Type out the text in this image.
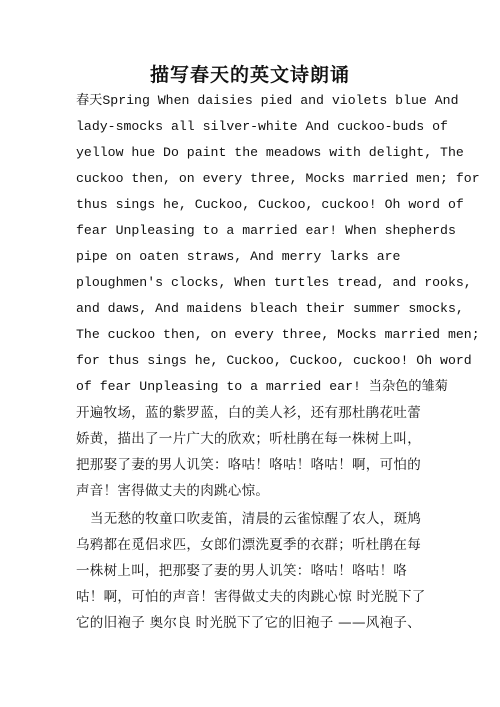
描写春天的英文诗朗诵
春天Spring When daisies pied and violets blue And
lady-smocks all silver-white And cuckoo-buds of
yellow hue Do paint the meadows with delight, The
cuckoo then, on every three, Mocks married men; for
thus sings he, Cuckoo, Cuckoo, cuckoo! Oh word of
fear Unpleasing to a married ear! When shepherds
pipe on oaten straws, And merry larks are
ploughmen's clocks, When turtles tread, and rooks,
and daws, And maidens bleach their summer smocks,
The cuckoo then, on every three, Mocks married men;
for thus sings he, Cuckoo, Cuckoo, cuckoo! Oh word
of fear Unpleasing to a married ear! 当杂色的雏菊
开遍牧场，蓝的紫罗蓝，白的美人衫，还有那杜鹃花吐蕾
娇黄，描出了一片广大的欣欢；听杜鹃在每一株树上叫，
把那娶了妻的男人讥笑：咯咕！咯咕！咯咕！啊，可怕的
声音！害得做丈夫的肉跳心惊。
当无愁的牧童口吹麦笛，清晨的云雀惊醒了农人，斑鸠
乌鸦都在觅侣求匹，女郎们漂洗夏季的衣群；听杜鹃在每
一株树上叫，把那娶了妻的男人讥笑：咯咕！咯咕！咯
咕！啊，可怕的声音！害得做丈夫的肉跳心惊 时光脱下了
它的旧袍子 奥尔良 时光脱下了它的旧袍子 ——风袍子、
